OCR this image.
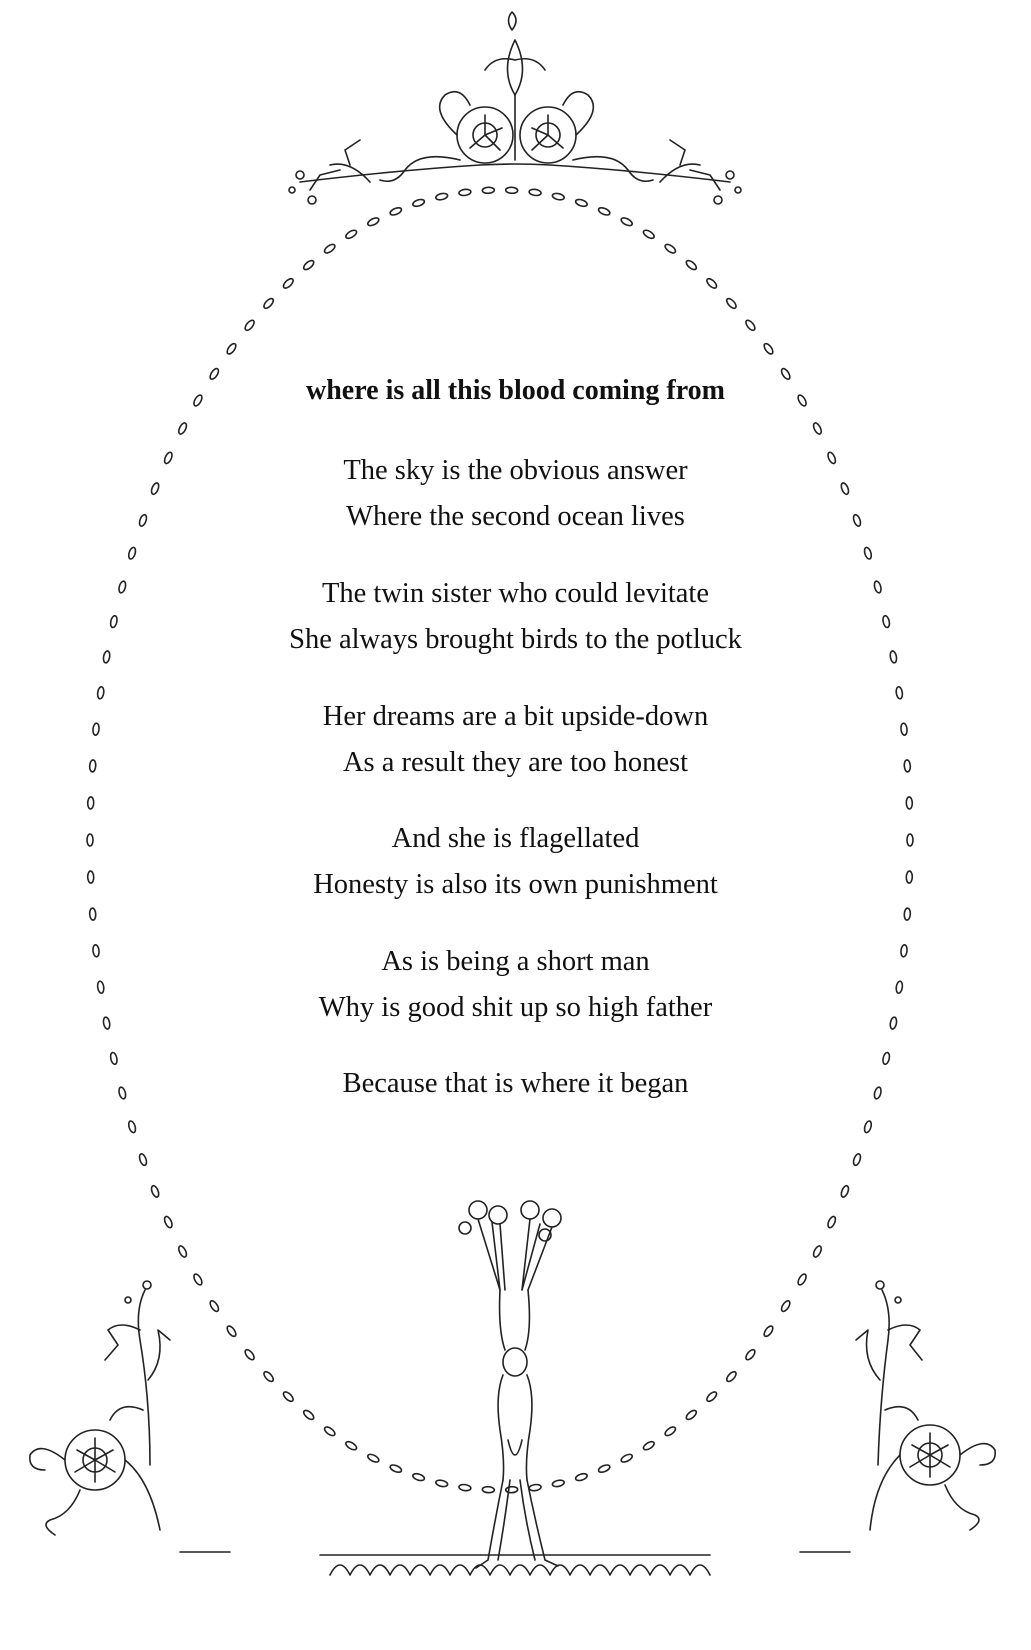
where is all this blood coming from
The sky is the obvious answer
Where the second ocean lives
The twin sister who could levitate
She always brought birds to the potluck
Her dreams are a bit upside-down
As a result they are too honest
And she is flagellated
Honesty is also its own punishment
As is being a short man
Why is good shit up so high father
Because that is where it began
